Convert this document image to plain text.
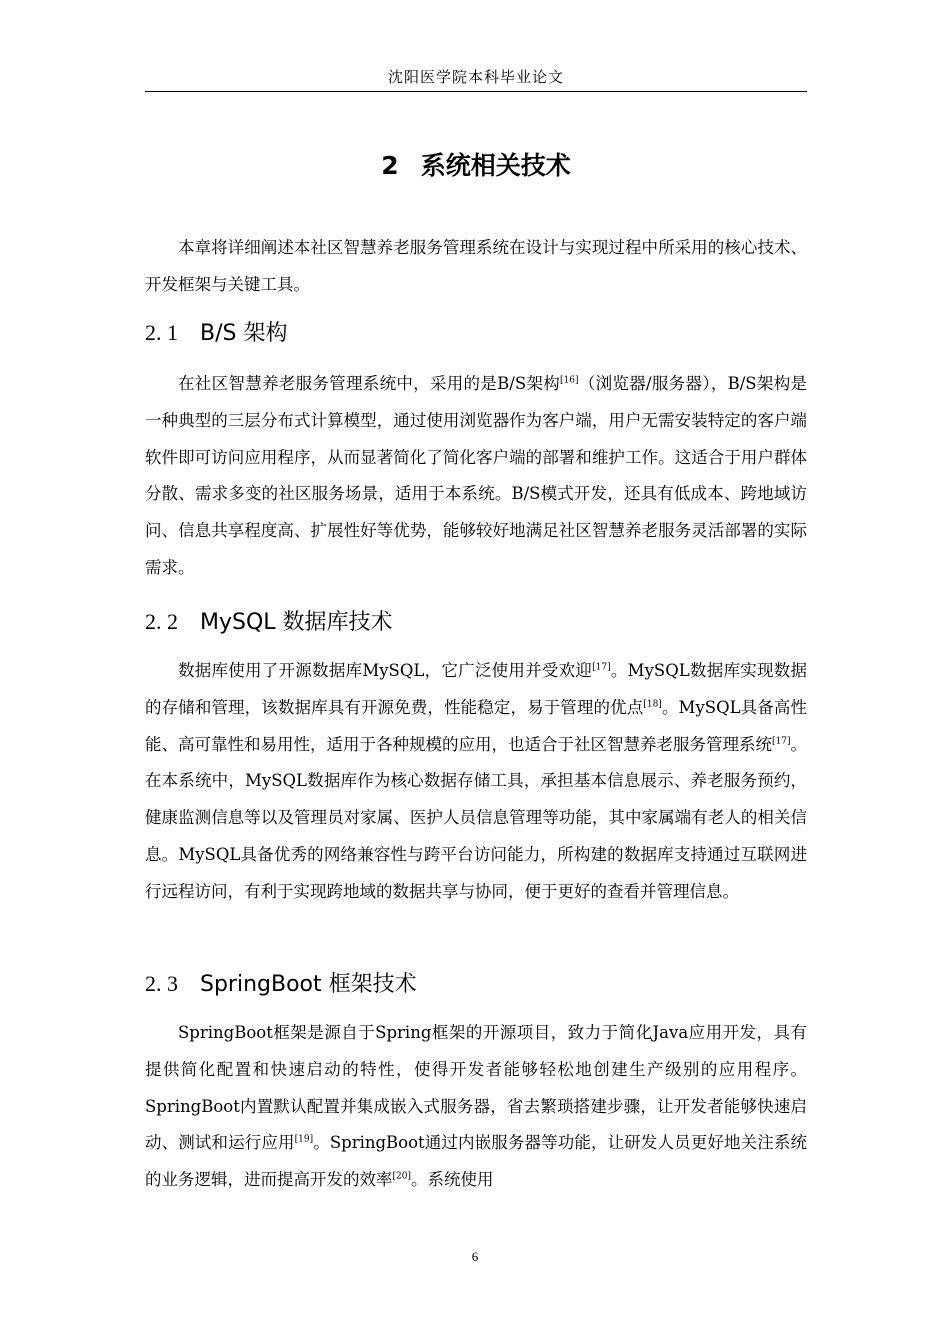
沈阳医学院本科毕业论文
2 系统相关技术
本章将详细阐述本社区智慧养老服务管理系统在设计与实现过程中所采用的核心技术、开发框架与关键工具。
2. 1 B/S 架构
在社区智慧养老服务管理系统中，采用的是B/S架构[16]（浏览器/服务器），B/S架构是一种典型的三层分布式计算模型，通过使用浏览器作为客户端，用户无需安装特定的客户端软件即可访问应用程序，从而显著简化了简化客户端的部署和维护工作。这适合于用户群体分散、需求多变的社区服务场景，适用于本系统。B/S模式开发，还具有低成本、跨地域访问、信息共享程度高、扩展性好等优势，能够较好地满足社区智慧养老服务灵活部署的实际需求。
2. 2 MySQL 数据库技术
数据库使用了开源数据库MySQL，它广泛使用并受欢迎[17]。MySQL数据库实现数据的存储和管理，该数据库具有开源免费，性能稳定，易于管理的优点[18]。MySQL具备高性能、高可靠性和易用性，适用于各种规模的应用，也适合于社区智慧养老服务管理系统[17]。在本系统中，MySQL数据库作为核心数据存储工具，承担基本信息展示、养老服务预约，健康监测信息等以及管理员对家属、医护人员信息管理等功能，其中家属端有老人的相关信息。MySQL具备优秀的网络兼容性与跨平台访问能力，所构建的数据库支持通过互联网进行远程访问，有利于实现跨地域的数据共享与协同，便于更好的查看并管理信息。
2. 3 SpringBoot 框架技术
SpringBoot框架是源自于Spring框架的开源项目，致力于简化Java应用开发，具有提供简化配置和快速启动的特性，使得开发者能够轻松地创建生产级别的应用程序。SpringBoot内置默认配置并集成嵌入式服务器，省去繁琐搭建步骤，让开发者能够快速启动、测试和运行应用[19]。SpringBoot通过内嵌服务器等功能，让研发人员更好地关注系统的业务逻辑，进而提高开发的效率[20]。系统使用
6
